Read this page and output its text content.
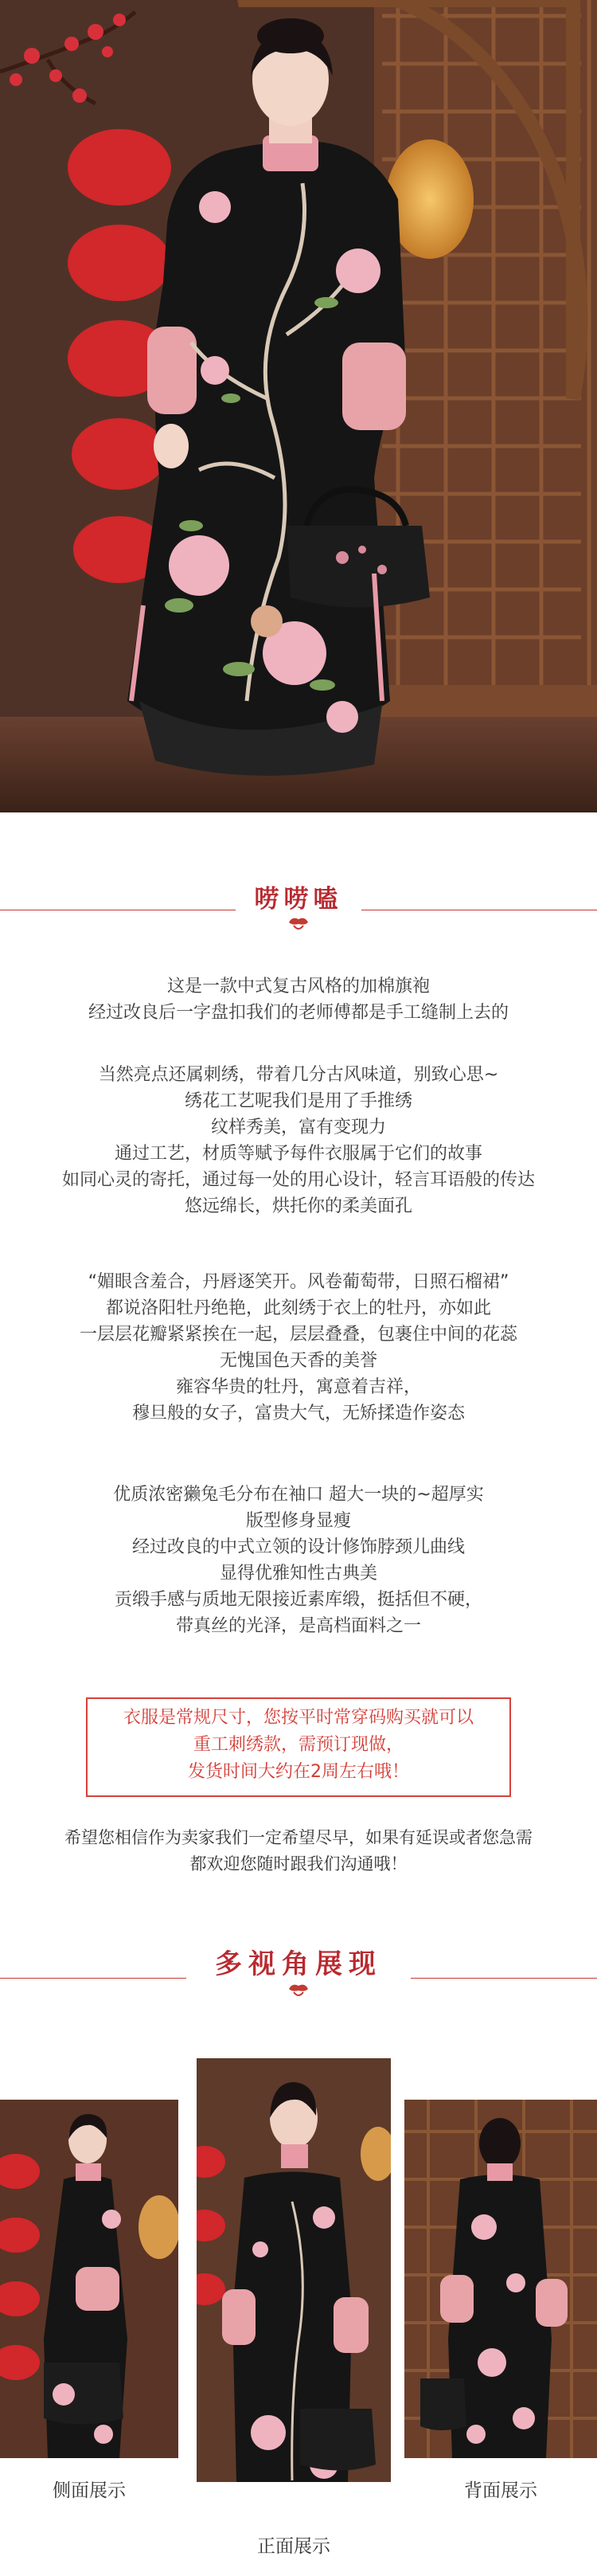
唠唠嗑
这是一款中式复古风格的加棉旗袍
经过改良后一字盘扣我们的老师傅都是手工缝制上去的
当然亮点还属刺绣，带着几分古风味道，别致心思~
绣花工艺呢我们是用了手推绣
纹样秀美，富有变现力
通过工艺，材质等赋予每件衣服属于它们的故事
如同心灵的寄托，通过每一处的用心设计，轻言耳语般的传达
悠远绵长，烘托你的柔美面孔
“媚眼含羞合，丹唇逐笑开。风卷葡萄带，日照石榴裙”
都说洛阳牡丹绝艳，此刻绣于衣上的牡丹，亦如此
一层层花瓣紧紧挨在一起，层层叠叠，包裹住中间的花蕊
无愧国色天香的美誉
雍容华贵的牡丹，寓意着吉祥，
穆旦般的女子，富贵大气，无矫揉造作姿态
优质浓密獭兔毛分布在袖口 超大一块的~超厚实
版型修身显瘦
经过改良的中式立领的设计修饰脖颈儿曲线
显得优雅知性古典美
贡缎手感与质地无限接近素库缎，挺括但不硬，
带真丝的光泽，是高档面料之一
衣服是常规尺寸，您按平时常穿码购买就可以
重工刺绣款，需预订现做，
发货时间大约在2周左右哦！
希望您相信作为卖家我们一定希望尽早，如果有延误或者您急需
都欢迎您随时跟我们沟通哦！
多视角展现
侧面展示
正面展示
背面展示
